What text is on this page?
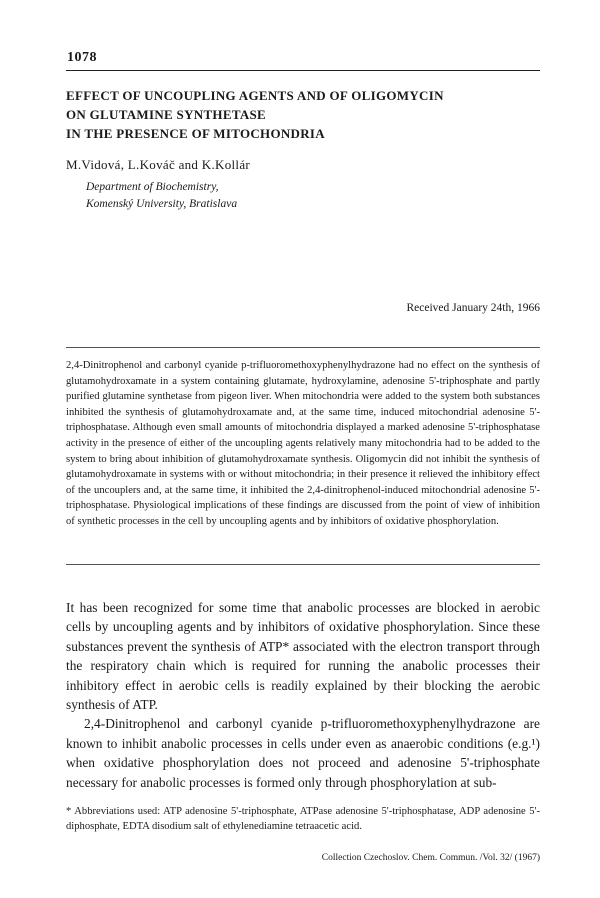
1078
EFFECT OF UNCOUPLING AGENTS AND OF OLIGOMYCIN
ON GLUTAMINE SYNTHETASE
IN THE PRESENCE OF MITOCHONDRIA
M.Vidová, L.Kováč and K.Kollár
Department of Biochemistry,
Komenský University, Bratislava
Received January 24th, 1966
2,4-Dinitrophenol and carbonyl cyanide p-trifluoromethoxyphenylhydrazone had no effect on the synthesis of glutamohydroxamate in a system containing glutamate, hydroxylamine, adenosine 5'-triphosphate and partly purified glutamine synthetase from pigeon liver. When mitochondria were added to the system both substances inhibited the synthesis of glutamohydroxamate and, at the same time, induced mitochondrial adenosine 5'-triphosphatase. Although even small amounts of mitochondria displayed a marked adenosine 5'-triphosphatase activity in the presence of either of the uncoupling agents relatively many mitochondria had to be added to the system to bring about inhibition of glutamohydroxamate synthesis. Oligomycin did not inhibit the synthesis of glutamohydroxamate in systems with or without mitochondria; in their presence it relieved the inhibitory effect of the uncouplers and, at the same time, it inhibited the 2,4-dinitrophenol-induced mitochondrial adenosine 5'-triphosphatase. Physiological implications of these findings are discussed from the point of view of inhibition of synthetic processes in the cell by uncoupling agents and by inhibitors of oxidative phosphorylation.

It has been recognized for some time that anabolic processes are blocked in aerobic cells by uncoupling agents and by inhibitors of oxidative phosphorylation. Since these substances prevent the synthesis of ATP* associated with the electron transport through the respiratory chain which is required for running the anabolic processes their inhibitory effect in aerobic cells is readily explained by their blocking the aerobic synthesis of ATP.

2,4-Dinitrophenol and carbonyl cyanide p-trifluoromethoxyphenylhydrazone are known to inhibit anabolic processes in cells under even as anaerobic conditions (e.g.¹) when oxidative phosphorylation does not proceed and adenosine 5'-triphosphate necessary for anabolic processes is formed only through phosphorylation at sub-

* Abbreviations used: ATP adenosine 5'-triphosphate, ATPase adenosine 5'-triphosphatase, ADP adenosine 5'-diphosphate, EDTA disodium salt of ethylenediamine tetraacetic acid.
Collection Czechoslov. Chem. Commun. /Vol. 32/ (1967)
